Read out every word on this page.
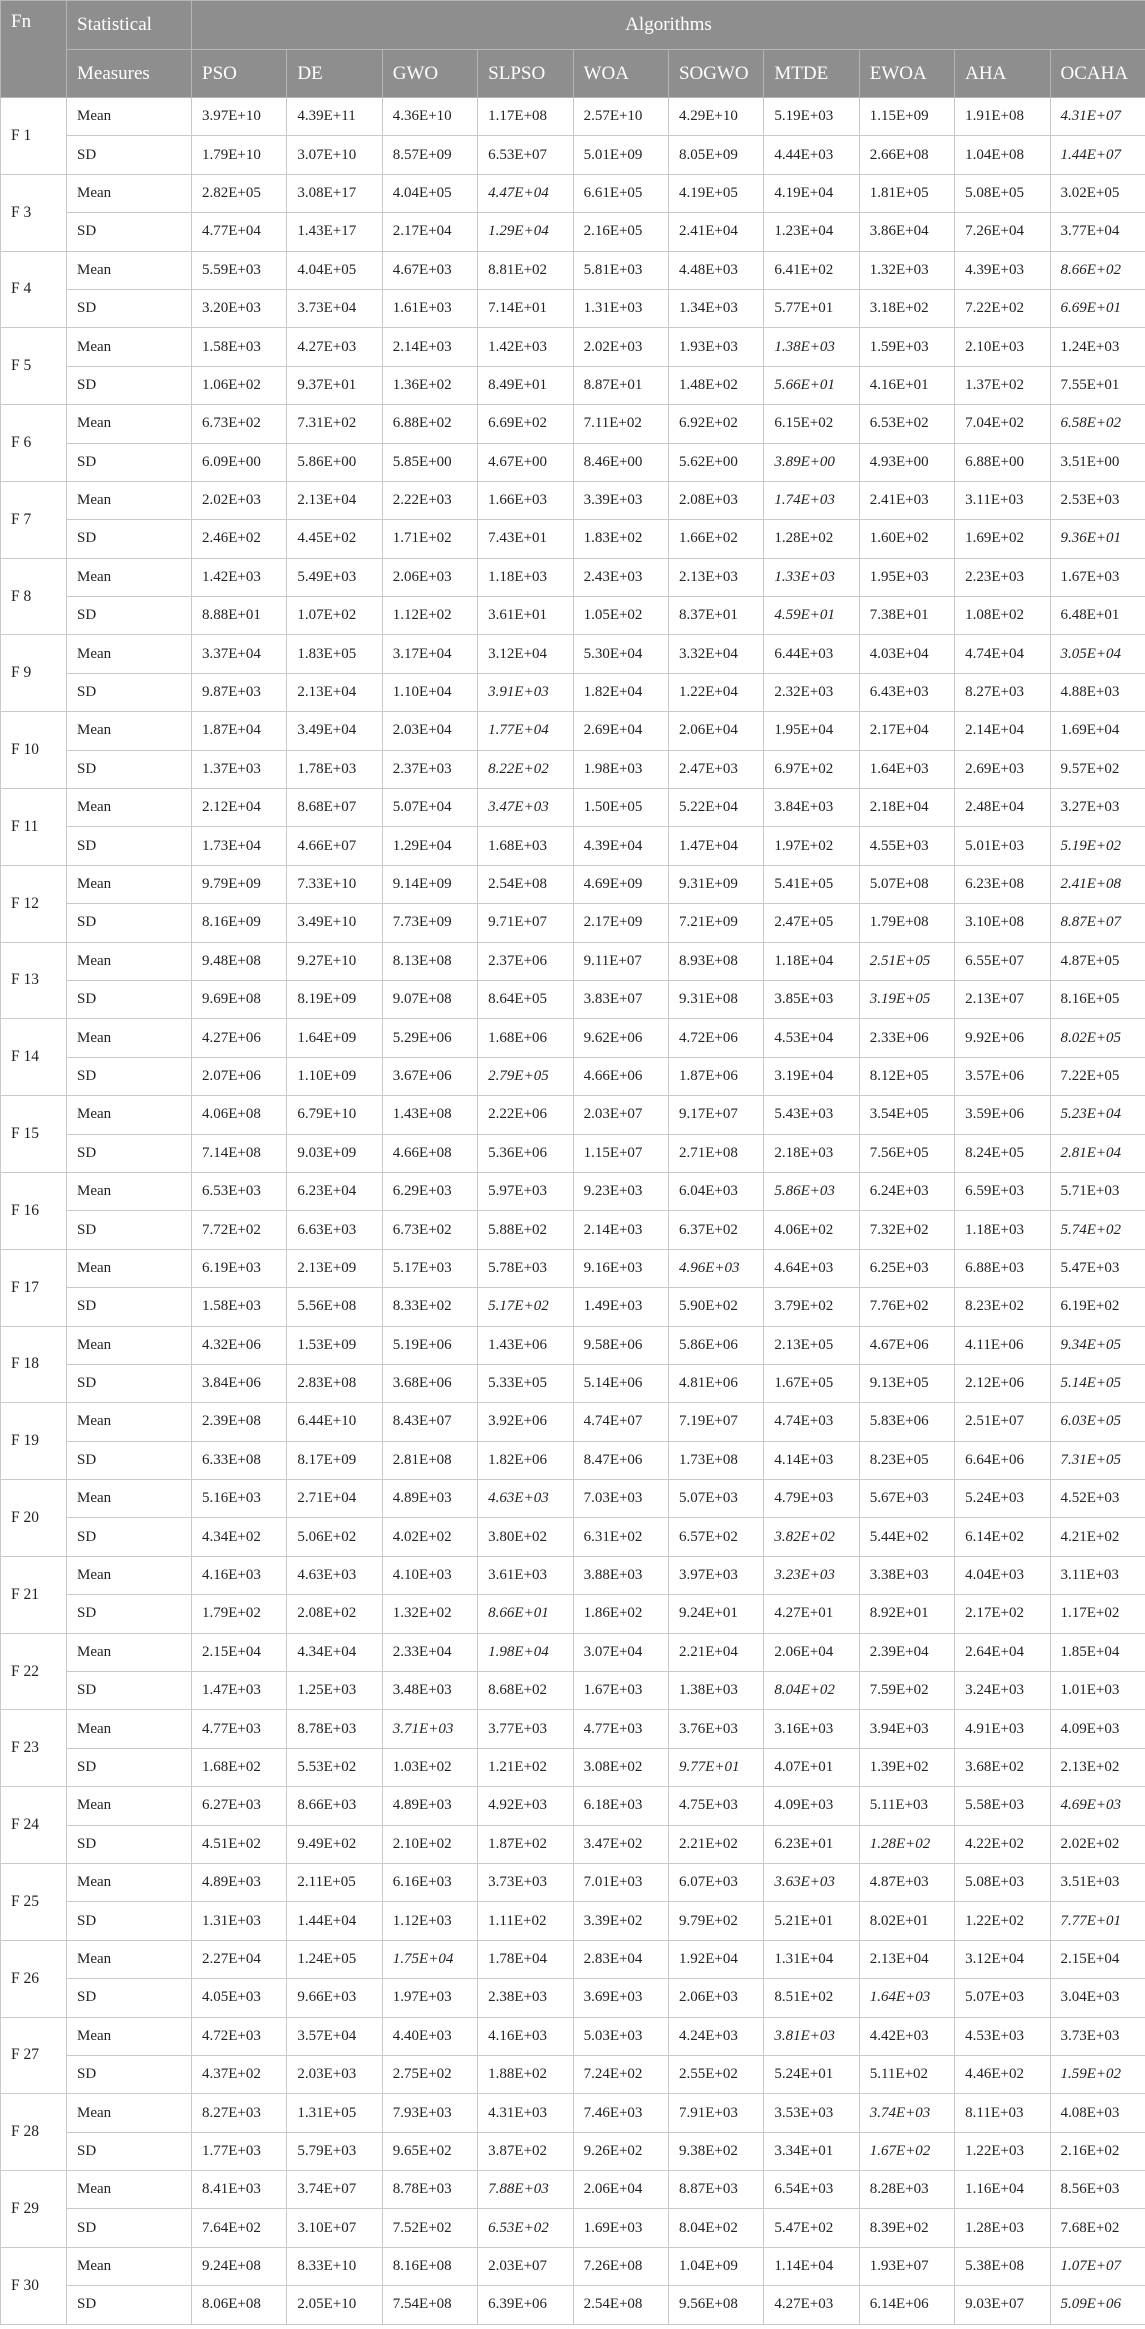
Fn	Statistical	Algorithms									
	Measures	PSO	DE	GWO	SLPSO	WOA	SOGWO	MTDE	EWOA	AHA	OCAHA
F 1	Mean	3.97E+10	4.39E+11	4.36E+10	1.17E+08	2.57E+10	4.29E+10	5.19E+03	1.15E+09	1.91E+08	4.31E+07
	SD	1.79E+10	3.07E+10	8.57E+09	6.53E+07	5.01E+09	8.05E+09	4.44E+03	2.66E+08	1.04E+08	1.44E+07
F 3	Mean	2.82E+05	3.08E+17	4.04E+05	4.47E+04	6.61E+05	4.19E+05	4.19E+04	1.81E+05	5.08E+05	3.02E+05
	SD	4.77E+04	1.43E+17	2.17E+04	1.29E+04	2.16E+05	2.41E+04	1.23E+04	3.86E+04	7.26E+04	3.77E+04
F 4	Mean	5.59E+03	4.04E+05	4.67E+03	8.81E+02	5.81E+03	4.48E+03	6.41E+02	1.32E+03	4.39E+03	8.66E+02
	SD	3.20E+03	3.73E+04	1.61E+03	7.14E+01	1.31E+03	1.34E+03	5.77E+01	3.18E+02	7.22E+02	6.69E+01
F 5	Mean	1.58E+03	4.27E+03	2.14E+03	1.42E+03	2.02E+03	1.93E+03	1.38E+03	1.59E+03	2.10E+03	1.24E+03
	SD	1.06E+02	9.37E+01	1.36E+02	8.49E+01	8.87E+01	1.48E+02	5.66E+01	4.16E+01	1.37E+02	7.55E+01
F 6	Mean	6.73E+02	7.31E+02	6.88E+02	6.69E+02	7.11E+02	6.92E+02	6.15E+02	6.53E+02	7.04E+02	6.58E+02
	SD	6.09E+00	5.86E+00	5.85E+00	4.67E+00	8.46E+00	5.62E+00	3.89E+00	4.93E+00	6.88E+00	3.51E+00
F 7	Mean	2.02E+03	2.13E+04	2.22E+03	1.66E+03	3.39E+03	2.08E+03	1.74E+03	2.41E+03	3.11E+03	2.53E+03
	SD	2.46E+02	4.45E+02	1.71E+02	7.43E+01	1.83E+02	1.66E+02	1.28E+02	1.60E+02	1.69E+02	9.36E+01
F 8	Mean	1.42E+03	5.49E+03	2.06E+03	1.18E+03	2.43E+03	2.13E+03	1.33E+03	1.95E+03	2.23E+03	1.67E+03
	SD	8.88E+01	1.07E+02	1.12E+02	3.61E+01	1.05E+02	8.37E+01	4.59E+01	7.38E+01	1.08E+02	6.48E+01
F 9	Mean	3.37E+04	1.83E+05	3.17E+04	3.12E+04	5.30E+04	3.32E+04	6.44E+03	4.03E+04	4.74E+04	3.05E+04
	SD	9.87E+03	2.13E+04	1.10E+04	3.91E+03	1.82E+04	1.22E+04	2.32E+03	6.43E+03	8.27E+03	4.88E+03
F 10	Mean	1.87E+04	3.49E+04	2.03E+04	1.77E+04	2.69E+04	2.06E+04	1.95E+04	2.17E+04	2.14E+04	1.69E+04
	SD	1.37E+03	1.78E+03	2.37E+03	8.22E+02	1.98E+03	2.47E+03	6.97E+02	1.64E+03	2.69E+03	9.57E+02
F 11	Mean	2.12E+04	8.68E+07	5.07E+04	3.47E+03	1.50E+05	5.22E+04	3.84E+03	2.18E+04	2.48E+04	3.27E+03
	SD	1.73E+04	4.66E+07	1.29E+04	1.68E+03	4.39E+04	1.47E+04	1.97E+02	4.55E+03	5.01E+03	5.19E+02
F 12	Mean	9.79E+09	7.33E+10	9.14E+09	2.54E+08	4.69E+09	9.31E+09	5.41E+05	5.07E+08	6.23E+08	2.41E+08
	SD	8.16E+09	3.49E+10	7.73E+09	9.71E+07	2.17E+09	7.21E+09	2.47E+05	1.79E+08	3.10E+08	8.87E+07
F 13	Mean	9.48E+08	9.27E+10	8.13E+08	2.37E+06	9.11E+07	8.93E+08	1.18E+04	2.51E+05	6.55E+07	4.87E+05
	SD	9.69E+08	8.19E+09	9.07E+08	8.64E+05	3.83E+07	9.31E+08	3.85E+03	3.19E+05	2.13E+07	8.16E+05
F 14	Mean	4.27E+06	1.64E+09	5.29E+06	1.68E+06	9.62E+06	4.72E+06	4.53E+04	2.33E+06	9.92E+06	8.02E+05
	SD	2.07E+06	1.10E+09	3.67E+06	2.79E+05	4.66E+06	1.87E+06	3.19E+04	8.12E+05	3.57E+06	7.22E+05
F 15	Mean	4.06E+08	6.79E+10	1.43E+08	2.22E+06	2.03E+07	9.17E+07	5.43E+03	3.54E+05	3.59E+06	5.23E+04
	SD	7.14E+08	9.03E+09	4.66E+08	5.36E+06	1.15E+07	2.71E+08	2.18E+03	7.56E+05	8.24E+05	2.81E+04
F 16	Mean	6.53E+03	6.23E+04	6.29E+03	5.97E+03	9.23E+03	6.04E+03	5.86E+03	6.24E+03	6.59E+03	5.71E+03
	SD	7.72E+02	6.63E+03	6.73E+02	5.88E+02	2.14E+03	6.37E+02	4.06E+02	7.32E+02	1.18E+03	5.74E+02
F 17	Mean	6.19E+03	2.13E+09	5.17E+03	5.78E+03	9.16E+03	4.96E+03	4.64E+03	6.25E+03	6.88E+03	5.47E+03
	SD	1.58E+03	5.56E+08	8.33E+02	5.17E+02	1.49E+03	5.90E+02	3.79E+02	7.76E+02	8.23E+02	6.19E+02
F 18	Mean	4.32E+06	1.53E+09	5.19E+06	1.43E+06	9.58E+06	5.86E+06	2.13E+05	4.67E+06	4.11E+06	9.34E+05
	SD	3.84E+06	2.83E+08	3.68E+06	5.33E+05	5.14E+06	4.81E+06	1.67E+05	9.13E+05	2.12E+06	5.14E+05
F 19	Mean	2.39E+08	6.44E+10	8.43E+07	3.92E+06	4.74E+07	7.19E+07	4.74E+03	5.83E+06	2.51E+07	6.03E+05
	SD	6.33E+08	8.17E+09	2.81E+08	1.82E+06	8.47E+06	1.73E+08	4.14E+03	8.23E+05	6.64E+06	7.31E+05
F 20	Mean	5.16E+03	2.71E+04	4.89E+03	4.63E+03	7.03E+03	5.07E+03	4.79E+03	5.67E+03	5.24E+03	4.52E+03
	SD	4.34E+02	5.06E+02	4.02E+02	3.80E+02	6.31E+02	6.57E+02	3.82E+02	5.44E+02	6.14E+02	4.21E+02
F 21	Mean	4.16E+03	4.63E+03	4.10E+03	3.61E+03	3.88E+03	3.97E+03	3.23E+03	3.38E+03	4.04E+03	3.11E+03
	SD	1.79E+02	2.08E+02	1.32E+02	8.66E+01	1.86E+02	9.24E+01	4.27E+01	8.92E+01	2.17E+02	1.17E+02
F 22	Mean	2.15E+04	4.34E+04	2.33E+04	1.98E+04	3.07E+04	2.21E+04	2.06E+04	2.39E+04	2.64E+04	1.85E+04
	SD	1.47E+03	1.25E+03	3.48E+03	8.68E+02	1.67E+03	1.38E+03	8.04E+02	7.59E+02	3.24E+03	1.01E+03
F 23	Mean	4.77E+03	8.78E+03	3.71E+03	3.77E+03	4.77E+03	3.76E+03	3.16E+03	3.94E+03	4.91E+03	4.09E+03
	SD	1.68E+02	5.53E+02	1.03E+02	1.21E+02	3.08E+02	9.77E+01	4.07E+01	1.39E+02	3.68E+02	2.13E+02
F 24	Mean	6.27E+03	8.66E+03	4.89E+03	4.92E+03	6.18E+03	4.75E+03	4.09E+03	5.11E+03	5.58E+03	4.69E+03
	SD	4.51E+02	9.49E+02	2.10E+02	1.87E+02	3.47E+02	2.21E+02	6.23E+01	1.28E+02	4.22E+02	2.02E+02
F 25	Mean	4.89E+03	2.11E+05	6.16E+03	3.73E+03	7.01E+03	6.07E+03	3.63E+03	4.87E+03	5.08E+03	3.51E+03
	SD	1.31E+03	1.44E+04	1.12E+03	1.11E+02	3.39E+02	9.79E+02	5.21E+01	8.02E+01	1.22E+02	7.77E+01
F 26	Mean	2.27E+04	1.24E+05	1.75E+04	1.78E+04	2.83E+04	1.92E+04	1.31E+04	2.13E+04	3.12E+04	2.15E+04
	SD	4.05E+03	9.66E+03	1.97E+03	2.38E+03	3.69E+03	2.06E+03	8.51E+02	1.64E+03	5.07E+03	3.04E+03
F 27	Mean	4.72E+03	3.57E+04	4.40E+03	4.16E+03	5.03E+03	4.24E+03	3.81E+03	4.42E+03	4.53E+03	3.73E+03
	SD	4.37E+02	2.03E+03	2.75E+02	1.88E+02	7.24E+02	2.55E+02	5.24E+01	5.11E+02	4.46E+02	1.59E+02
F 28	Mean	8.27E+03	1.31E+05	7.93E+03	4.31E+03	7.46E+03	7.91E+03	3.53E+03	3.74E+03	8.11E+03	4.08E+03
	SD	1.77E+03	5.79E+03	9.65E+02	3.87E+02	9.26E+02	9.38E+02	3.34E+01	1.67E+02	1.22E+03	2.16E+02
F 29	Mean	8.41E+03	3.74E+07	8.78E+03	7.88E+03	2.06E+04	8.87E+03	6.54E+03	8.28E+03	1.16E+04	8.56E+03
	SD	7.64E+02	3.10E+07	7.52E+02	6.53E+02	1.69E+03	8.04E+02	5.47E+02	8.39E+02	1.28E+03	7.68E+02
F 30	Mean	9.24E+08	8.33E+10	8.16E+08	2.03E+07	7.26E+08	1.04E+09	1.14E+04	1.93E+07	5.38E+08	1.07E+07
	SD	8.06E+08	2.05E+10	7.54E+08	6.39E+06	2.54E+08	9.56E+08	4.27E+03	6.14E+06	9.03E+07	5.09E+06
